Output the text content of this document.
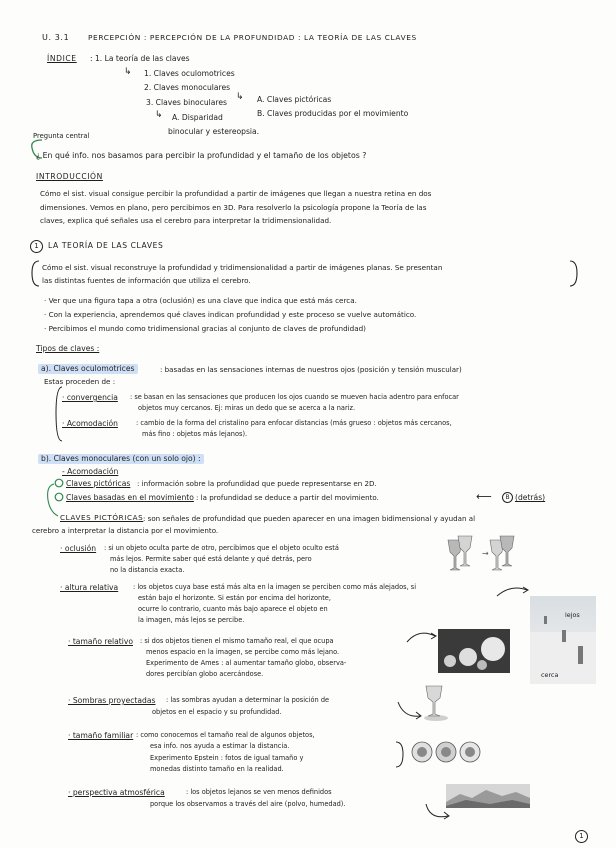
U. 3.1	PERCEPCIÓN : PERCEPCIÓN DE LA PROFUNDIDAD : LA TEORÍA DE LAS CLAVES
ÍNDICE : 1. La teoría de las claves
↳ 1. Claves oculomotrices
2. Claves monoculares
3. Claves binoculares
↳ A. Claves pictóricas
B. Claves producidas por el movimiento
↳ A. Disparidad
binocular y estereopsia.
Pregunta central
¿ En qué info. nos basamos para percibir la profundidad y el tamaño de los objetos ?
INTRODUCCIÓN
Cómo el sist. visual consigue percibir la profundidad a partir de imágenes que llegan a nuestra retina en dos
dimensiones. Vemos en plano, pero percibimos en 3D. Para resolverlo la psicología propone la Teoría de las
claves, explica qué señales usa el cerebro para interpretar la tridimensionalidad.
1	LA TEORÍA DE LAS CLAVES
Cómo el sist. visual reconstruye la profundidad y tridimensionalidad a partir de imágenes planas. Se presentan
las distintas fuentes de información que utiliza el cerebro.
· Ver que una figura tapa a otra (oclusión) es una clave que indica que está más cerca.
· Con la experiencia, aprendemos qué claves indican profundidad y este proceso se vuelve automático.
· Percibimos el mundo como tridimensional gracias al conjunto de claves de profundidad)
Tipos de claves :
a). Claves oculomotrices	: basadas en las sensaciones internas de nuestros ojos (posición y tensión muscular)
Estas proceden de :
· convergencia : se basan en las sensaciones que producen los ojos cuando se mueven hacia adentro para enfocar
objetos muy cercanos. Ej: miras un dedo que se acerca a la nariz.
· Acomodación	: cambio de la forma del cristalino para enfocar distancias (más grueso : objetos más cercanos,
más fino : objetos más lejanos).
b). Claves monoculares (con un solo ojo) :
- Acomodación
Claves pictóricas : información sobre la profundidad que puede representarse en 2D.
Claves basadas en el movimiento : la profundidad se deduce a partir del movimiento.	⟵	B (detrás)
CLAVES PICTÓRICAS : son señales de profundidad que pueden aparecer en una imagen bidimensional y ayudan al
cerebro a interpretar la distancia por el movimiento.
· oclusión : si un objeto oculta parte de otro, percibimos que el objeto oculto está
más lejos. Permite saber qué está delante y qué detrás, pero
no la distancia exacta.
→
· altura relativa : los objetos cuya base está más alta en la imagen se perciben como más alejados, si
están bajo el horizonte. Si están por encima del horizonte,
ocurre lo contrario, cuanto más bajo aparece el objeto en
la imagen, más lejos se percibe.
lejos
cerca
· tamaño relativo : si dos objetos tienen el mismo tamaño real, el que ocupa
menos espacio en la imagen, se percibe como más lejano.
Experimento de Ames : al aumentar tamaño globo, observa-
dores percibían globo acercándose.
· Sombras proyectadas : las sombras ayudan a determinar la posición de
objetos en el espacio y su profundidad.
· tamaño familiar : como conocemos el tamaño real de algunos objetos,
esa info. nos ayuda a estimar la distancia.
Experimento Epstein : fotos de igual tamaño y
monedas distinto tamaño en la realidad.
· perspectiva atmosférica	: los objetos lejanos se ven menos definidos
porque los observamos a través del aire (polvo, humedad).
1
